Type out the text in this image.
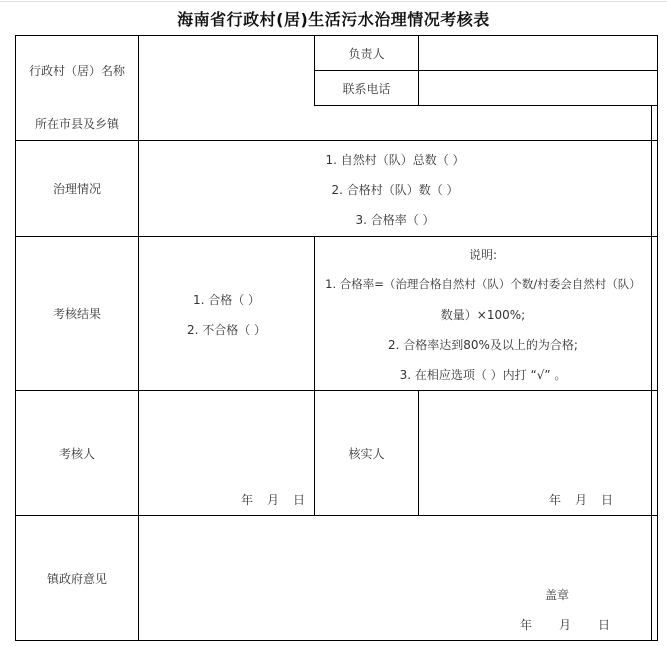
海南省行政村(居)生活污水治理情况考核表
行政村（居）名称
所在市县及乡镇
负责人
联系电话
治理情况
1. 自然村（队）总数（ ）
2. 合格村（队）数（ ）
3. 合格率（ ）
考核结果
1. 合格（ ）
2. 不合格（ ）
说明:
1. 合格率=（治理合格自然村（队）个数/村委会自然村（队）
数量）×100%;
2. 合格率达到80%及以上的为合格;
3. 在相应选项（ ）内打 “√” 。
考核人
年　月　日
核实人
年　月　日
镇政府意见
盖章
年　　月　　日
